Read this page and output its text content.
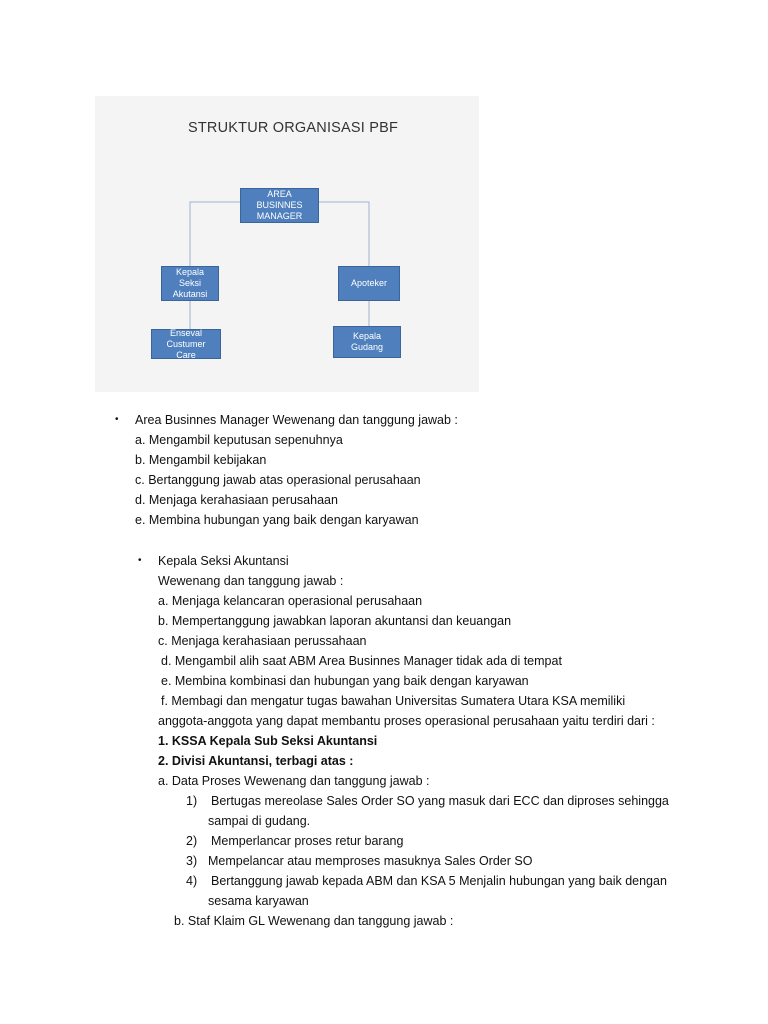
STRUKTUR ORGANISASI PBF
AREA BUSINNES MANAGER
Kepala Seksi Akutansi
Apoteker
Enseval Custumer Care
Kepala Gudang
• Area Businnes Manager Wewenang dan tanggung jawab :
a. Mengambil keputusan sepenuhnya
b. Mengambil kebijakan
c. Bertanggung jawab atas operasional perusahaan
d. Menjaga kerahasiaan perusahaan
e. Membina hubungan yang baik dengan karyawan
• Kepala Seksi Akuntansi
Wewenang dan tanggung jawab :
a. Menjaga kelancaran operasional perusahaan
b. Mempertanggung jawabkan laporan akuntansi dan keuangan
c. Menjaga kerahasiaan perussahaan
d. Mengambil alih saat ABM Area Businnes Manager tidak ada di tempat
e. Membina kombinasi dan hubungan yang baik dengan karyawan
f. Membagi dan mengatur tugas bawahan Universitas Sumatera Utara KSA memiliki
anggota-anggota yang dapat membantu proses operasional perusahaan yaitu terdiri dari :
1. KSSA Kepala Sub Seksi Akuntansi
2. Divisi Akuntansi, terbagi atas :
a. Data Proses Wewenang dan tanggung jawab :
1) Bertugas mereolase Sales Order SO yang masuk dari ECC dan diproses sehingga
sampai di gudang.
2) Memperlancar proses retur barang
3) Mempelancar atau memproses masuknya Sales Order SO
4) Bertanggung jawab kepada ABM dan KSA 5 Menjalin hubungan yang baik dengan
sesama karyawan
b. Staf Klaim GL Wewenang dan tanggung jawab :
